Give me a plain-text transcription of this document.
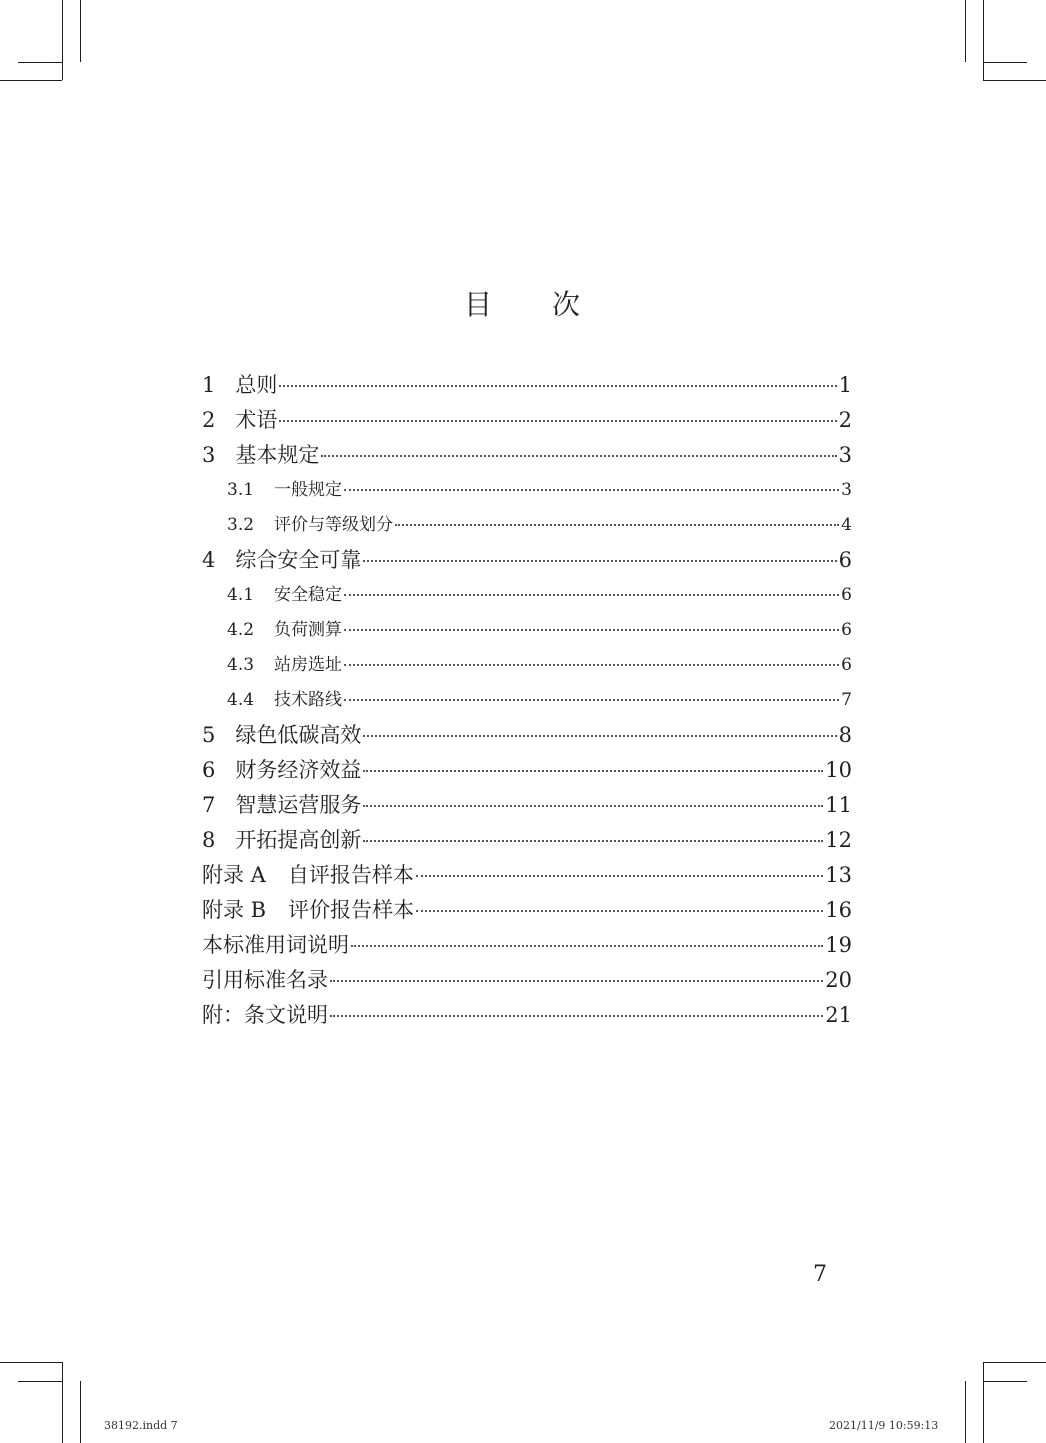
目 次
1 总则	1
2 术语	2
3 基本规定	3
3.1 一般规定	3
3.2 评价与等级划分	4
4 综合安全可靠	6
4.1 安全稳定	6
4.2 负荷测算	6
4.3 站房选址	6
4.4 技术路线	7
5 绿色低碳高效	8
6 财务经济效益	10
7 智慧运营服务	11
8 开拓提高创新	12
附录 A 自评报告样本	13
附录 B 评价报告样本	16
本标准用词说明	19
引用标准名录	20
附：条文说明	21
7
38192.indd 7	2021/11/9 10:59:13
